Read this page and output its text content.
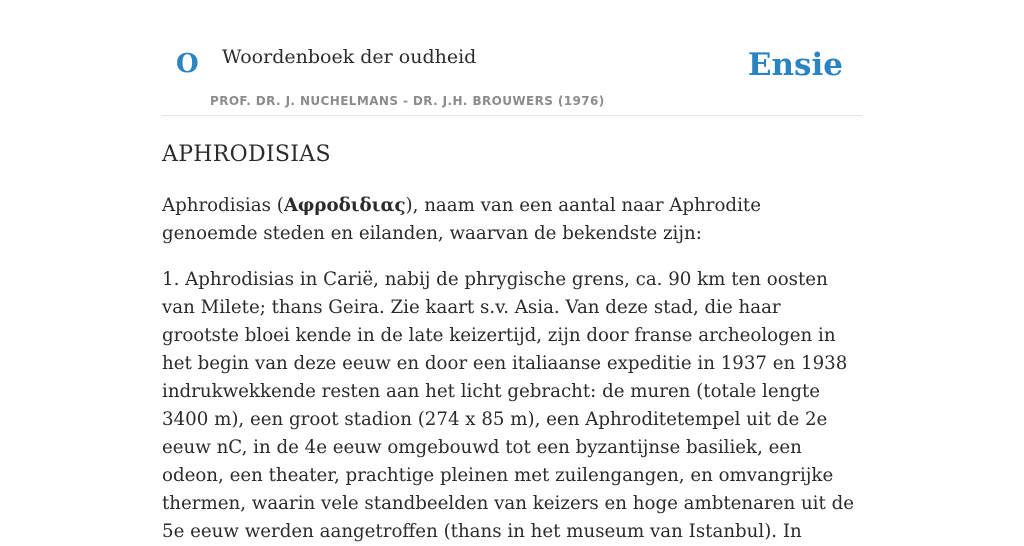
O Woordenboek der oudheid
PROF. DR. J. NUCHELMANS - DR. J.H. BROUWERS (1976)
Ensie
APHRODISIAS

Aphrodisias (Αφροδιδιας), naam van een aantal naar Aphrodite genoemde steden en eilanden, waarvan de bekendste zijn:

1. Aphrodisias in Carië, nabij de phrygische grens, ca. 90 km ten oosten van Milete; thans Geira. Zie kaart s.v. Asia. Van deze stad, die haar grootste bloei kende in de late keizertijd, zijn door franse archeologen in het begin van deze eeuw en door een italiaanse expeditie in 1937 en 1938 indrukwekkende resten aan het licht gebracht: de muren (totale lengte 3400 m), een groot stadion (274 x 85 m), een Aphroditetempel uit de 2e eeuw nC, in de 4e eeuw omgebouwd tot een byzantijnse basiliek, een odeon, een theater, prachtige pleinen met zuilengangen, en omvangrijke thermen, waarin vele standbeelden van keizers en hoge ambtenaren uit de 5e eeuw werden aangetroffen (thans in het museum van Istanbul). In
